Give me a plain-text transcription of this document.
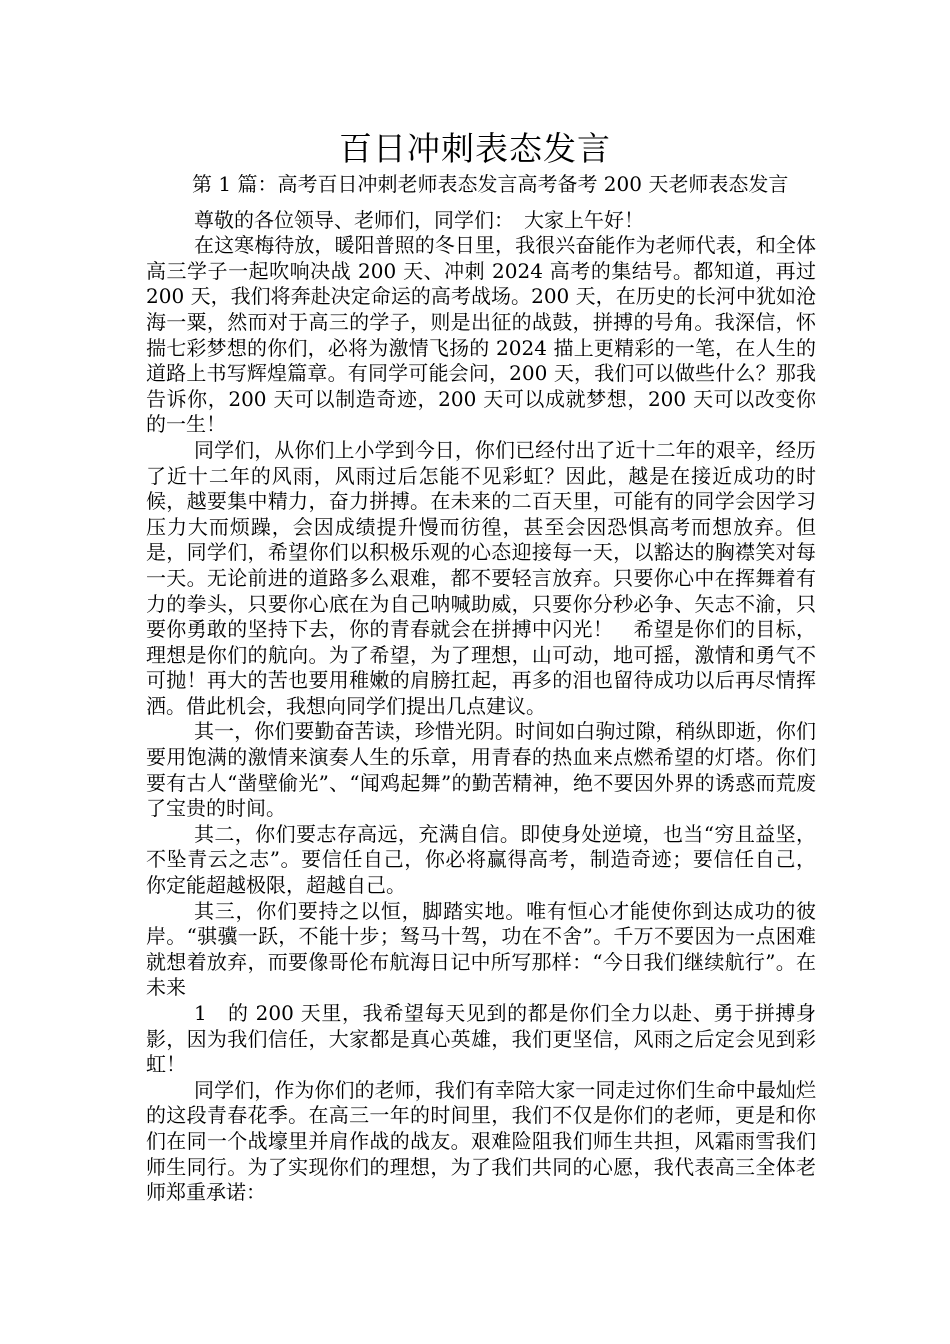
百日冲刺表态发言

第 1 篇：高考百日冲刺老师表态发言高考备考 200 天老师表态发言

尊敬的各位领导、老师们，同学们：　大家上午好！

在这寒梅待放，暖阳普照的冬日里，我很兴奋能作为老师代表，和全体高三学子一起吹响决战 200 天、冲刺 2024 高考的集结号。都知道，再过 200 天，我们将奔赴决定命运的高考战场。200 天，在历史的长河中犹如沧海一粟，然而对于高三的学子，则是出征的战鼓，拼搏的号角。我深信，怀揣七彩梦想的你们，必将为激情飞扬的 2024 描上更精彩的一笔，在人生的道路上书写辉煌篇章。有同学可能会问，200 天，我们可以做些什么？那我告诉你，200 天可以制造奇迹，200 天可以成就梦想，200 天可以改变你的一生！

同学们，从你们上小学到今日，你们已经付出了近十二年的艰辛，经历了近十二年的风雨，风雨过后怎能不见彩虹？因此，越是在接近成功的时候，越要集中精力，奋力拼搏。在未来的二百天里，可能有的同学会因学习压力大而烦躁，会因成绩提升慢而彷徨，甚至会因恐惧高考而想放弃。但是，同学们，希望你们以积极乐观的心态迎接每一天，以豁达的胸襟笑对每一天。无论前进的道路多么艰难，都不要轻言放弃。只要你心中在挥舞着有力的拳头，只要你心底在为自己呐喊助威，只要你分秒必争、矢志不渝，只要你勇敢的坚持下去，你的青春就会在拼搏中闪光！　希望是你们的目标，理想是你们的航向。为了希望，为了理想，山可动，地可摇，激情和勇气不可抛！再大的苦也要用稚嫩的肩膀扛起，再多的泪也留待成功以后再尽情挥洒。借此机会，我想向同学们提出几点建议。

其一，你们要勤奋苦读，珍惜光阴。时间如白驹过隙，稍纵即逝，你们要用饱满的激情来演奏人生的乐章，用青春的热血来点燃希望的灯塔。你们要有古人“凿壁偷光”、“闻鸡起舞”的勤苦精神，绝不要因外界的诱惑而荒废了宝贵的时间。

其二，你们要志存高远，充满自信。即使身处逆境，也当“穷且益坚，不坠青云之志”。要信任自己，你必将赢得高考，制造奇迹；要信任自己，你定能超越极限，超越自己。

其三，你们要持之以恒，脚踏实地。唯有恒心才能使你到达成功的彼岸。“骐骥一跃，不能十步；驽马十驾，功在不舍”。千万不要因为一点困难就想着放弃，而要像哥伦布航海日记中所写那样：“今日我们继续航行”。在未来

1　的 200 天里，我希望每天见到的都是你们全力以赴、勇于拼搏身影，因为我们信任，大家都是真心英雄，我们更坚信，风雨之后定会见到彩虹！

同学们，作为你们的老师，我们有幸陪大家一同走过你们生命中最灿烂的这段青春花季。在高三一年的时间里，我们不仅是你们的老师，更是和你们在同一个战壕里并肩作战的战友。艰难险阻我们师生共担，风霜雨雪我们师生同行。为了实现你们的理想，为了我们共同的心愿，我代表高三全体老师郑重承诺：
